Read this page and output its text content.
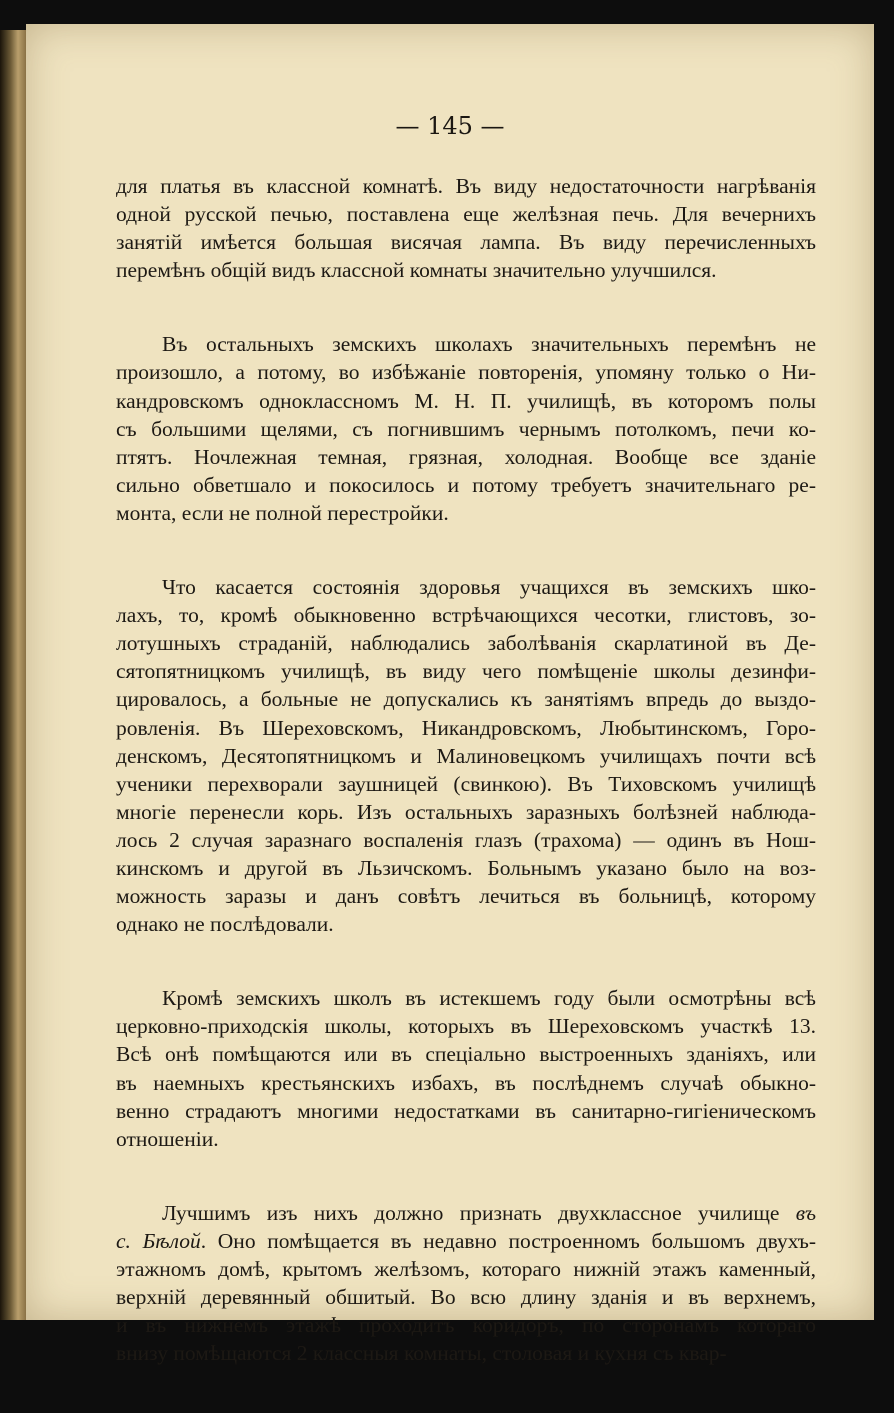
— 145 —
для платья въ классной комнатѣ. Въ виду недостаточности нагрѣванія
одной русской печью, поставлена еще желѣзная печь. Для вечернихъ
занятій имѣется большая висячая лампа. Въ виду перечисленныхъ
перемѣнъ общій видъ классной комнаты значительно улучшился.
Въ остальныхъ земскихъ школахъ значительныхъ перемѣнъ не
произошло, а потому, во избѣжаніе повторенія, упомяну только о Ни-
кандровскомъ одноклассномъ М. Н. П. училищѣ, въ которомъ полы
съ большими щелями, съ погнившимъ чернымъ потолкомъ, печи ко-
птятъ. Ночлежная темная, грязная, холодная. Вообще все зданіе
сильно обветшало и покосилось и потому требуетъ значительнаго ре-
монта, если не полной перестройки.
Что касается состоянія здоровья учащихся въ земскихъ шко-
лахъ, то, кромѣ обыкновенно встрѣчающихся чесотки, глистовъ, зо-
лотушныхъ страданій, наблюдались заболѣванія скарлатиной въ Де-
сятопятницкомъ училищѣ, въ виду чего помѣщеніе школы дезинфи-
цировалось, а больные не допускались къ занятіямъ впредь до выздо-
ровленія. Въ Шереховскомъ, Никандровскомъ, Любытинскомъ, Горо-
денскомъ, Десятопятницкомъ и Малиновецкомъ училищахъ почти всѣ
ученики перехворали заушницей (свинкою). Въ Тиховскомъ училищѣ
многіе перенесли корь. Изъ остальныхъ заразныхъ болѣзней наблюда-
лось 2 случая заразнаго воспаленія глазъ (трахома) — одинъ въ Нош-
кинскомъ и другой въ Льзичскомъ. Больнымъ указано было на воз-
можность заразы и данъ совѣтъ лечиться въ больницѣ, которому
однако не послѣдовали.
Кромѣ земскихъ школъ въ истекшемъ году были осмотрѣны всѣ
церковно-приходскія школы, которыхъ въ Шереховскомъ участкѣ 13.
Всѣ онѣ помѣщаются или въ спеціально выстроенныхъ зданіяхъ, или
въ наемныхъ крестьянскихъ избахъ, въ послѣднемъ случаѣ обыкно-
венно страдаютъ многими недостатками въ санитарно-гигіеническомъ
отношеніи.
Лучшимъ изъ нихъ должно признать двухклассное училище въ
с. Бѣлой. Оно помѣщается въ недавно построенномъ большомъ двухъ-
этажномъ домѣ, крытомъ желѣзомъ, котораго нижній этажъ каменный,
верхній деревянный обшитый. Во всю длину зданія и въ верхнемъ,
и въ нижнемъ этажѣ проходитъ коридоръ, по сторонамъ котораго
внизу помѣщаются 2 классныя комнаты, столовая и кухня съ квар-
